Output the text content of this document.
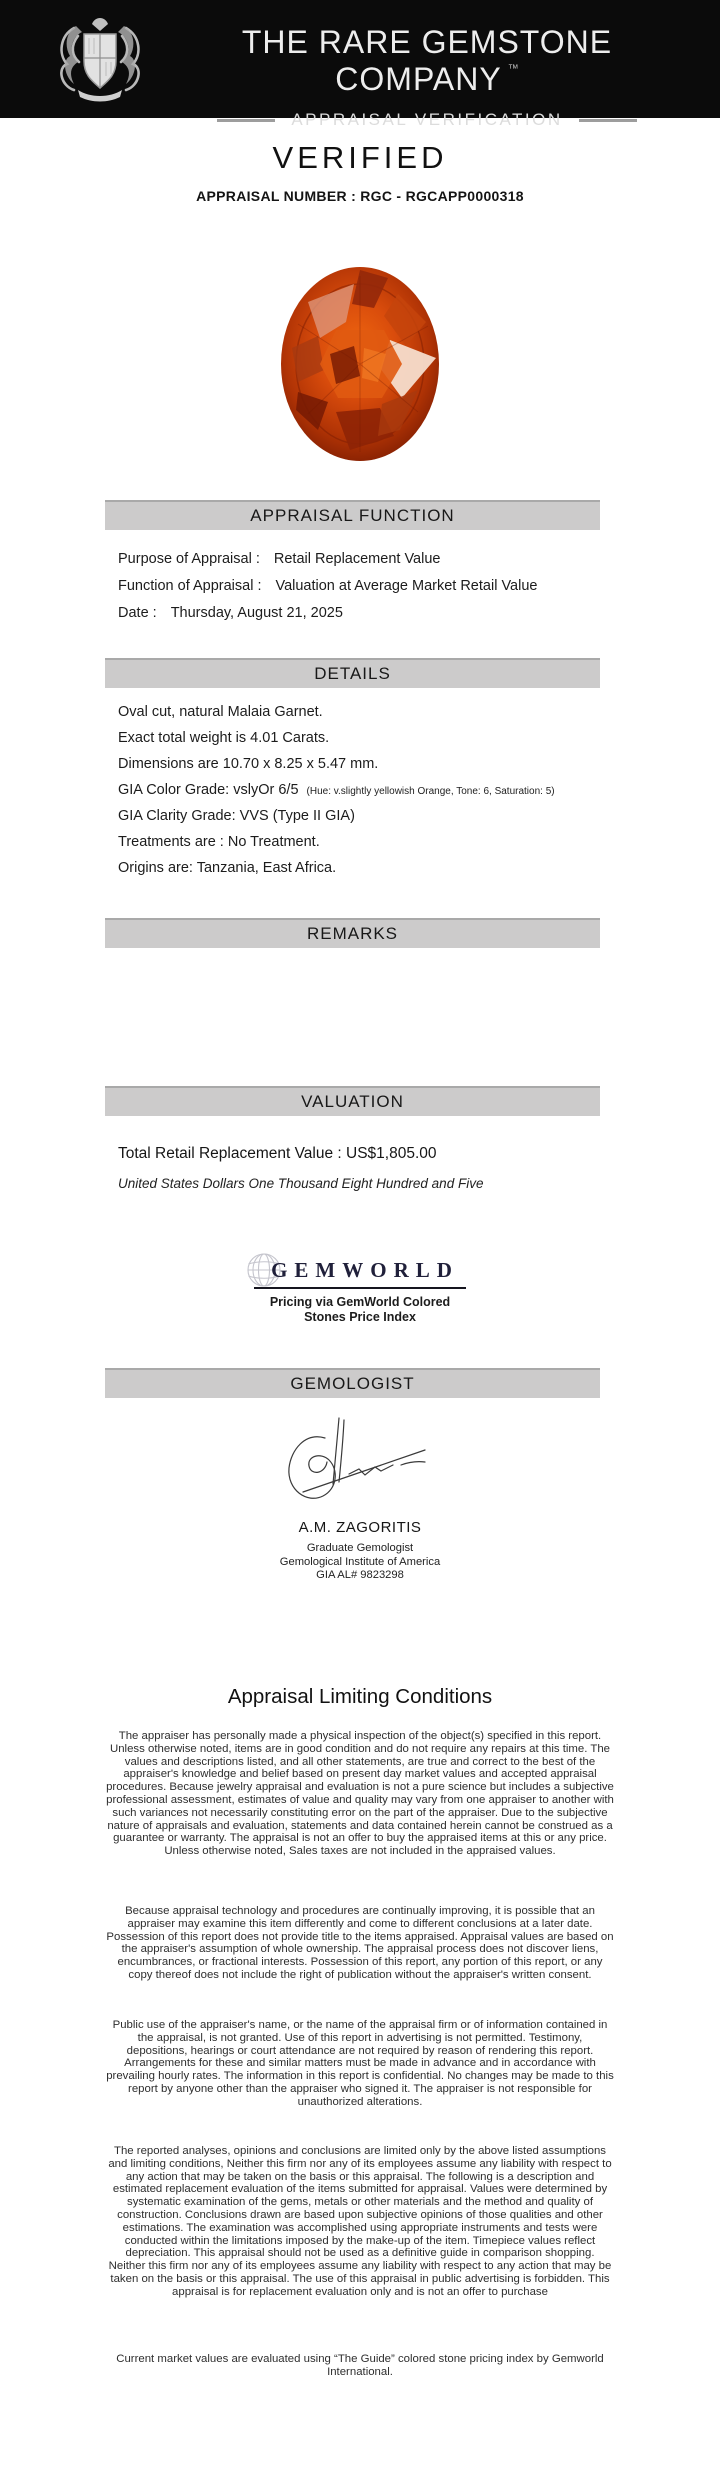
THE RARE GEMSTONE COMPANY ™
APPRAISAL VERIFICATION
VERIFIED
APPRAISAL NUMBER : RGC - RGCAPP0000318
APPRAISAL FUNCTION
Purpose of Appraisal : Retail Replacement Value
Function of Appraisal : Valuation at Average Market Retail Value
Date : Thursday, August 21, 2025
DETAILS
Oval cut, natural Malaia Garnet.
Exact total weight is 4.01 Carats.
Dimensions are 10.70 x 8.25 x 5.47 mm.
GIA Color Grade: vslyOr 6/5 (Hue: v.slightly yellowish Orange, Tone: 6, Saturation: 5)
GIA Clarity Grade: VVS (Type II GIA)
Treatments are : No Treatment.
Origins are: Tanzania, East Africa.
REMARKS
VALUATION
Total Retail Replacement Value : US$1,805.00
United States Dollars One Thousand Eight Hundred and Five
GEMWORLD
Pricing via GemWorld Colored
Stones Price Index
GEMOLOGIST
A.M. ZAGORITIS
Graduate Gemologist
Gemological Institute of America
GIA AL# 9823298
Appraisal Limiting Conditions
The appraiser has personally made a physical inspection of the object(s) specified in this report. Unless otherwise noted, items are in good condition and do not require any repairs at this time. The values and descriptions listed, and all other statements, are true and correct to the best of the appraiser's knowledge and belief based on present day market values and accepted appraisal procedures. Because jewelry appraisal and evaluation is not a pure science but includes a subjective professional assessment, estimates of value and quality may vary from one appraiser to another with such variances not necessarily constituting error on the part of the appraiser. Due to the subjective nature of appraisals and evaluation, statements and data contained herein cannot be construed as a guarantee or warranty. The appraisal is not an offer to buy the appraised items at this or any price. Unless otherwise noted, Sales taxes are not included in the appraised values.
Because appraisal technology and procedures are continually improving, it is possible that an appraiser may examine this item differently and come to different conclusions at a later date. Possession of this report does not provide title to the items appraised. Appraisal values are based on the appraiser's assumption of whole ownership. The appraisal process does not discover liens, encumbrances, or fractional interests. Possession of this report, any portion of this report, or any copy thereof does not include the right of publication without the appraiser's written consent.
Public use of the appraiser's name, or the name of the appraisal firm or of information contained in the appraisal, is not granted. Use of this report in advertising is not permitted. Testimony, depositions, hearings or court attendance are not required by reason of rendering this report. Arrangements for these and similar matters must be made in advance and in accordance with prevailing hourly rates. The information in this report is confidential. No changes may be made to this report by anyone other than the appraiser who signed it. The appraiser is not responsible for unauthorized alterations.
The reported analyses, opinions and conclusions are limited only by the above listed assumptions and limiting conditions, Neither this firm nor any of its employees assume any liability with respect to any action that may be taken on the basis or this appraisal. The following is a description and estimated replacement evaluation of the items submitted for appraisal. Values were determined by systematic examination of the gems, metals or other materials and the method and quality of construction. Conclusions drawn are based upon subjective opinions of those qualities and other estimations. The examination was accomplished using appropriate instruments and tests were conducted within the limitations imposed by the make-up of the item. Timepiece values reflect depreciation. This appraisal should not be used as a definitive guide in comparison shopping. Neither this firm nor any of its employees assume any liability with respect to any action that may be taken on the basis or this appraisal. The use of this appraisal in public advertising is forbidden. This appraisal is for replacement evaluation only and is not an offer to purchase
Current market values are evaluated using “The Guide” colored stone pricing index by Gemworld International.
